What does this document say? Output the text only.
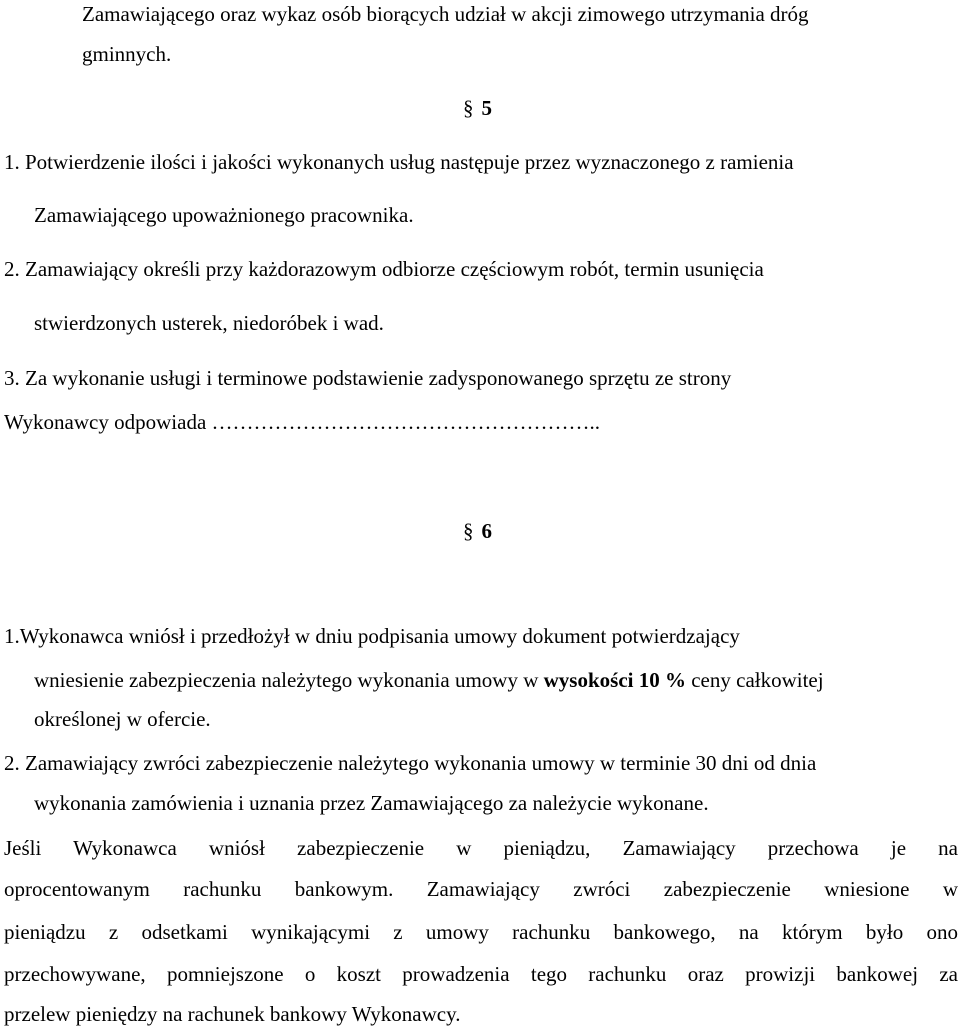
Zamawiającego oraz wykaz osób biorących udział w akcji zimowego utrzymania dróg
gminnych.
§ 5
1. Potwierdzenie ilości i jakości wykonanych usług następuje przez wyznaczonego z ramienia
Zamawiającego upoważnionego pracownika.
2. Zamawiający określi przy każdorazowym odbiorze częściowym robót, termin usunięcia
stwierdzonych usterek, niedoróbek i wad.
3. Za wykonanie usługi i terminowe podstawienie zadysponowanego sprzętu ze strony
Wykonawcy odpowiada ………………………………………………..
§ 6
1.Wykonawca wniósł i przedłożył w dniu podpisania umowy dokument potwierdzający
wniesienie zabezpieczenia należytego wykonania umowy w wysokości 10 % ceny całkowitej
określonej w ofercie.
2. Zamawiający zwróci zabezpieczenie należytego wykonania umowy w terminie 30 dni od dnia
wykonania zamówienia i uznania przez Zamawiającego za należycie wykonane.
Jeśli Wykonawca wniósł zabezpieczenie w pieniądzu, Zamawiający przechowa je na
oprocentowanym rachunku bankowym. Zamawiający zwróci zabezpieczenie wniesione w
pieniądzu z odsetkami wynikającymi z umowy rachunku bankowego, na którym było ono
przechowywane, pomniejszone o koszt prowadzenia tego rachunku oraz prowizji bankowej za
przelew pieniędzy na rachunek bankowy Wykonawcy.
